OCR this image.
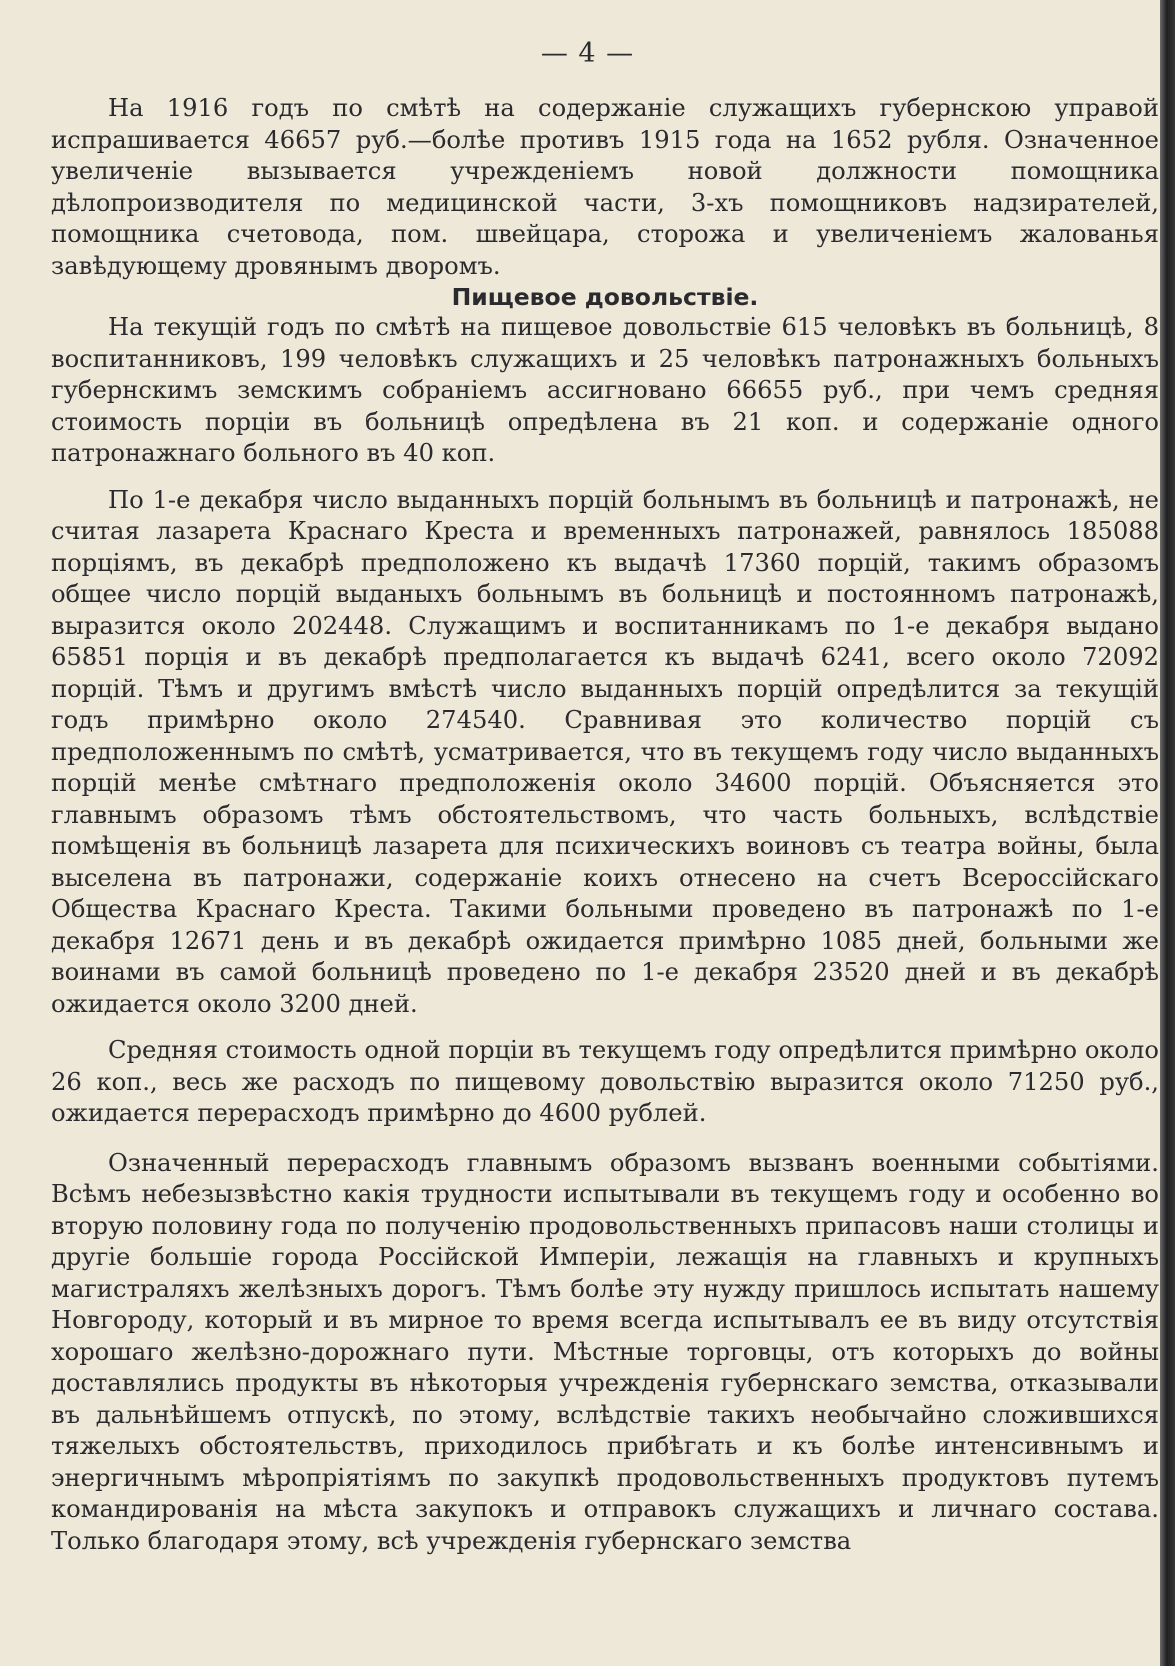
— 4 —

На 1916 годъ по смѣтѣ на содержаніе служащихъ губернскою управой испрашивается 46657 руб.—болѣе противъ 1915 года на 1652 рубля. Означенное увеличеніе вызывается учрежденіемъ новой должности помощника дѣлопроизводителя по медицинской части, 3-хъ помощниковъ надзирателей, помощника счетовода, пом. швейцара, сторожа и увеличеніемъ жалованья завѣдующему дровянымъ дворомъ.

Пищевое довольствіе.

На текущій годъ по смѣтѣ на пищевое довольствіе 615 человѣкъ въ больницѣ, 8 воспитанниковъ, 199 человѣкъ служащихъ и 25 человѣкъ патронажныхъ больныхъ губернскимъ земскимъ собраніемъ ассигновано 66655 руб., при чемъ средняя стоимость порціи въ больницѣ опредѣлена въ 21 коп. и содержаніе одного патронажнаго больного въ 40 коп.

По 1-е декабря число выданныхъ порцій больнымъ въ больницѣ и патронажѣ, не считая лазарета Краснаго Креста и временныхъ патронажей, равнялось 185088 порціямъ, въ декабрѣ предположено къ выдачѣ 17360 порцій, такимъ образомъ общее число порцій выданыхъ больнымъ въ больницѣ и постоянномъ патронажѣ, выразится около 202448. Служащимъ и воспитанникамъ по 1-е декабря выдано 65851 порція и въ декабрѣ предполагается къ выдачѣ 6241, всего около 72092 порцій. Тѣмъ и другимъ вмѣстѣ число выданныхъ порцій опредѣлится за текущій годъ примѣрно около 274540. Сравнивая это количество порцій съ предположеннымъ по смѣтѣ, усматривается, что въ текущемъ году число выданныхъ порцій менѣе смѣтнаго предположенія около 34600 порцій. Объясняется это главнымъ образомъ тѣмъ обстоятельствомъ, что часть больныхъ, вслѣдствіе помѣщенія въ больницѣ лазарета для психическихъ воиновъ съ театра войны, была выселена въ патронажи, содержаніе коихъ отнесено на счетъ Всероссійскаго Общества Краснаго Креста. Такими больными проведено въ патронажѣ по 1-е декабря 12671 день и въ декабрѣ ожидается примѣрно 1085 дней, больными же воинами въ самой больницѣ проведено по 1-е декабря 23520 дней и въ декабрѣ ожидается около 3200 дней.

Средняя стоимость одной порціи въ текущемъ году опредѣлится примѣрно около 26 коп., весь же расходъ по пищевому довольствію выразится около 71250 руб., ожидается перерасходъ примѣрно до 4600 рублей.

Означенный перерасходъ главнымъ образомъ вызванъ военными событіями. Всѣмъ небезызвѣстно какія трудности испытывали въ текущемъ году и особенно во вторую половину года по полученію продовольственныхъ припасовъ наши столицы и другіе большіе города Россійской Имперіи, лежащія на главныхъ и крупныхъ магистраляхъ желѣзныхъ дорогъ. Тѣмъ болѣе эту нужду пришлось испытать нашему Новгороду, который и въ мирное то время всегда испытывалъ ее въ виду отсутствія хорошаго желѣзно-дорожнаго пути. Мѣстные торговцы, отъ которыхъ до войны доставлялись продукты въ нѣкоторыя учрежденія губернскаго земства, отказывали въ дальнѣйшемъ отпускѣ, по этому, вслѣдствіе такихъ необычайно сложившихся тяжелыхъ обстоятельствъ, приходилось прибѣгать и къ болѣе интенсивнымъ и энергичнымъ мѣропріятіямъ по закупкѣ продовольственныхъ продуктовъ путемъ командированія на мѣста закупокъ и отправокъ служащихъ и личнаго состава. Только благодаря этому, всѣ учрежденія губернскаго земства
